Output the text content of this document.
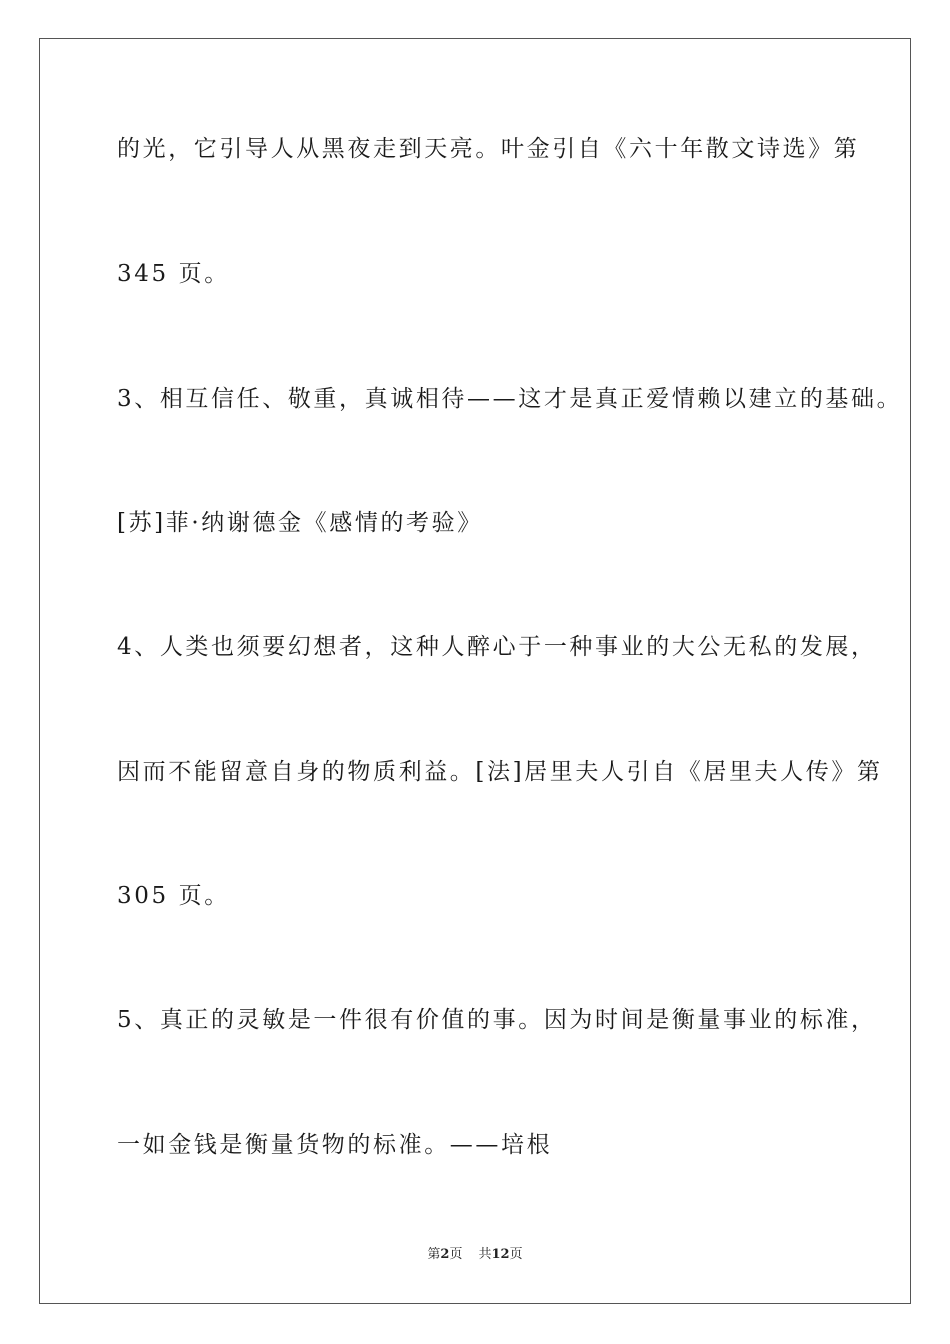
的光，它引导人从黑夜走到天亮。叶金引自《六十年散文诗选》第
345 页。
3、相互信任、敬重，真诚相待——这才是真正爱情赖以建立的基础。
[苏]菲·纳谢德金《感情的考验》
4、人类也须要幻想者，这种人醉心于一种事业的大公无私的发展，
因而不能留意自身的物质利益。[法]居里夫人引自《居里夫人传》第
305 页。
5、真正的灵敏是一件很有价值的事。因为时间是衡量事业的标准，
一如金钱是衡量货物的标准。——培根
第2页 共12页
